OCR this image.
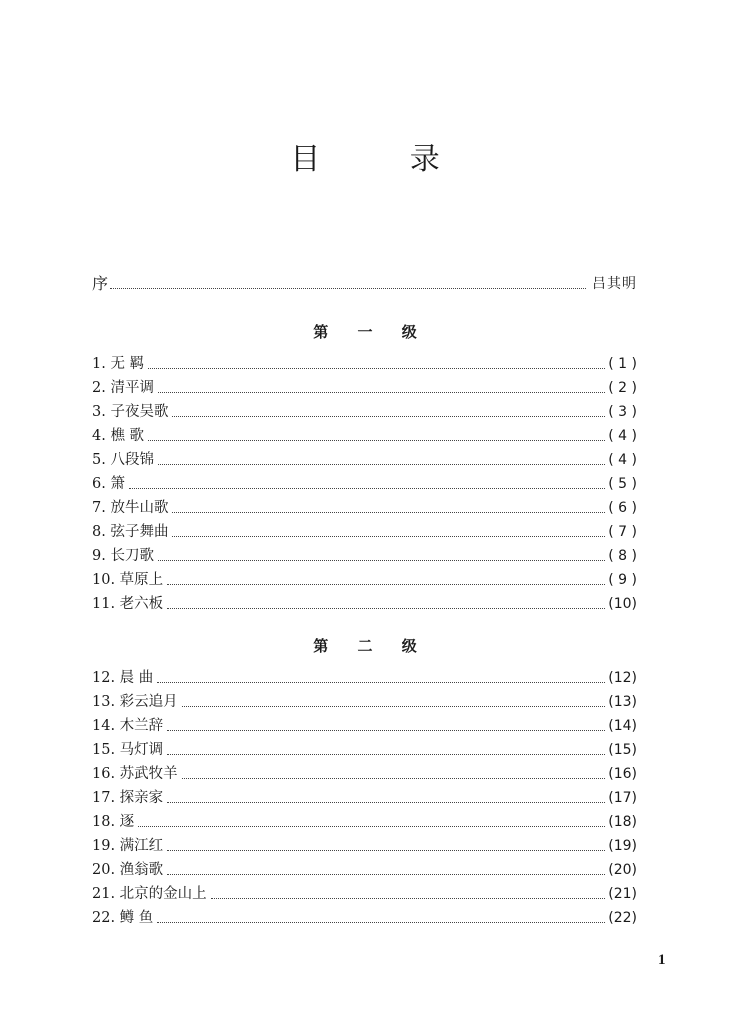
目 录
序	吕其明
第 一 级
1. 无 羁	( 1 )
2. 清平调	( 2 )
3. 子夜吴歌	( 3 )
4. 樵 歌	( 4 )
5. 八段锦	( 4 )
6. 箫	( 5 )
7. 放牛山歌	( 6 )
8. 弦子舞曲	( 7 )
9. 长刀歌	( 8 )
10. 草原上	( 9 )
11. 老六板	(10)
第 二 级
12. 晨 曲	(12)
13. 彩云追月	(13)
14. 木兰辞	(14)
15. 马灯调	(15)
16. 苏武牧羊	(16)
17. 探亲家	(17)
18. 逐	(18)
19. 满江红	(19)
20. 渔翁歌	(20)
21. 北京的金山上	(21)
22. 鳟 鱼	(22)
1
